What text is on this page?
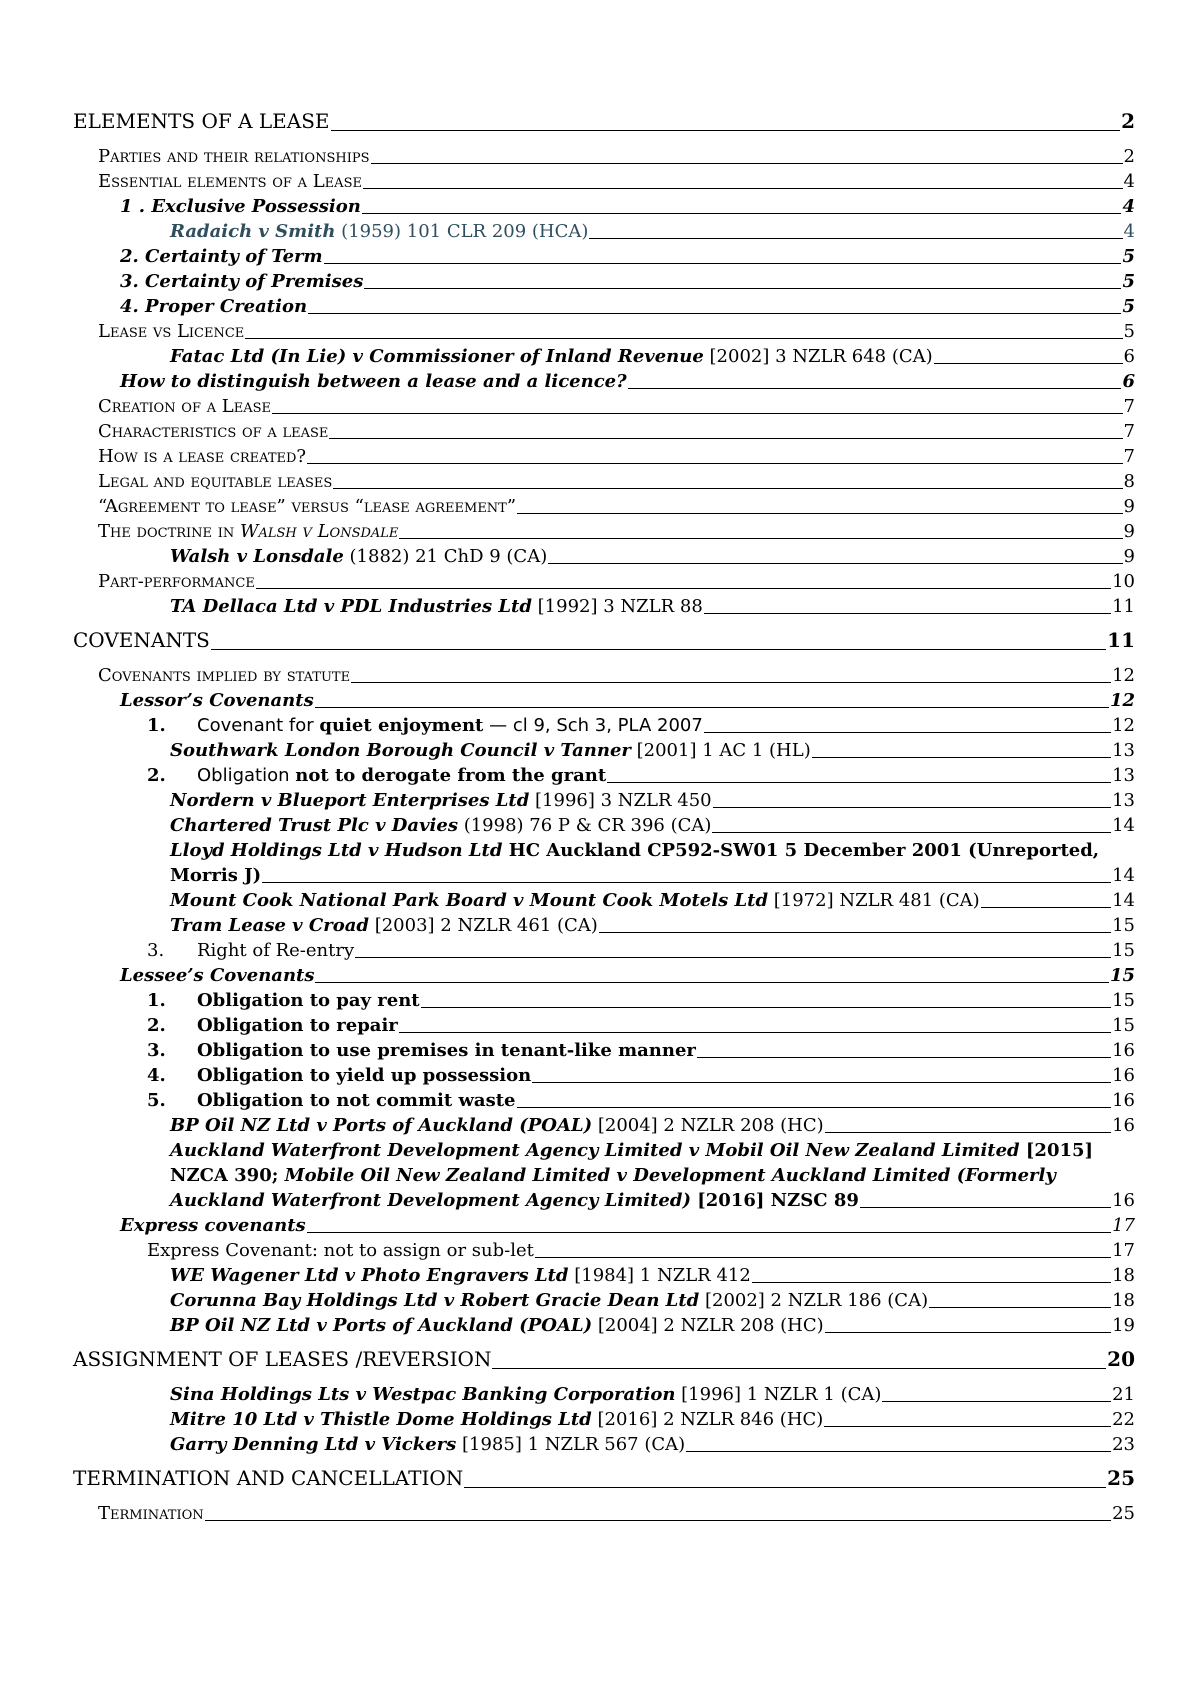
ELEMENTS OF A LEASE	2
Parties and their relationships	2
Essential elements of a Lease	4
1 . Exclusive Possession	4
Radaich v Smith (1959) 101 CLR 209 (HCA)	4
2. Certainty of Term	5
3. Certainty of Premises	5
4. Proper Creation	5
Lease vs Licence	5
Fatac Ltd (In Lie) v Commissioner of Inland Revenue [2002] 3 NZLR 648 (CA)	6
How to distinguish between a lease and a licence?	6
Creation of a Lease	7
Characteristics of a lease	7
How is a lease created?	7
Legal and equitable leases	8
“Agreement to lease” versus “lease agreement”	9
The doctrine in Walsh v Lonsdale	9
Walsh v Lonsdale (1882) 21 ChD 9 (CA)	9
Part-performance	10
TA Dellaca Ltd v PDL Industries Ltd [1992] 3 NZLR 88	11
COVENANTS	11
Covenants implied by statute	12
Lessor’s Covenants	12
1. Covenant for quiet enjoyment — cl 9, Sch 3, PLA 2007	12
Southwark London Borough Council v Tanner [2001] 1 AC 1 (HL)	13
2. Obligation not to derogate from the grant	13
Nordern v Blueport Enterprises Ltd [1996] 3 NZLR 450	13
Chartered Trust Plc v Davies (1998) 76 P & CR 396 (CA)	14
Lloyd Holdings Ltd v Hudson Ltd HC Auckland CP592-SW01 5 December 2001 (Unreported,
Morris J)	14
Mount Cook National Park Board v Mount Cook Motels Ltd [1972] NZLR 481 (CA)	14
Tram Lease v Croad [2003] 2 NZLR 461 (CA)	15
3. Right of Re-entry	15
Lessee’s Covenants	15
1. Obligation to pay rent	15
2. Obligation to repair	15
3. Obligation to use premises in tenant-like manner	16
4. Obligation to yield up possession	16
5. Obligation to not commit waste	16
BP Oil NZ Ltd v Ports of Auckland (POAL) [2004] 2 NZLR 208 (HC)	16
Auckland Waterfront Development Agency Limited v Mobil Oil New Zealand Limited [2015]
NZCA 390; Mobile Oil New Zealand Limited v Development Auckland Limited (Formerly
Auckland Waterfront Development Agency Limited) [2016] NZSC 89	16
Express covenants	17
Express Covenant: not to assign or sub-let	17
WE Wagener Ltd v Photo Engravers Ltd [1984] 1 NZLR 412	18
Corunna Bay Holdings Ltd v Robert Gracie Dean Ltd [2002] 2 NZLR 186 (CA)	18
BP Oil NZ Ltd v Ports of Auckland (POAL) [2004] 2 NZLR 208 (HC)	19
ASSIGNMENT OF LEASES /REVERSION	20
Sina Holdings Lts v Westpac Banking Corporation [1996] 1 NZLR 1 (CA)	21
Mitre 10 Ltd v Thistle Dome Holdings Ltd [2016] 2 NZLR 846 (HC)	22
Garry Denning Ltd v Vickers [1985] 1 NZLR 567 (CA)	23
TERMINATION AND CANCELLATION	25
Termination	25
